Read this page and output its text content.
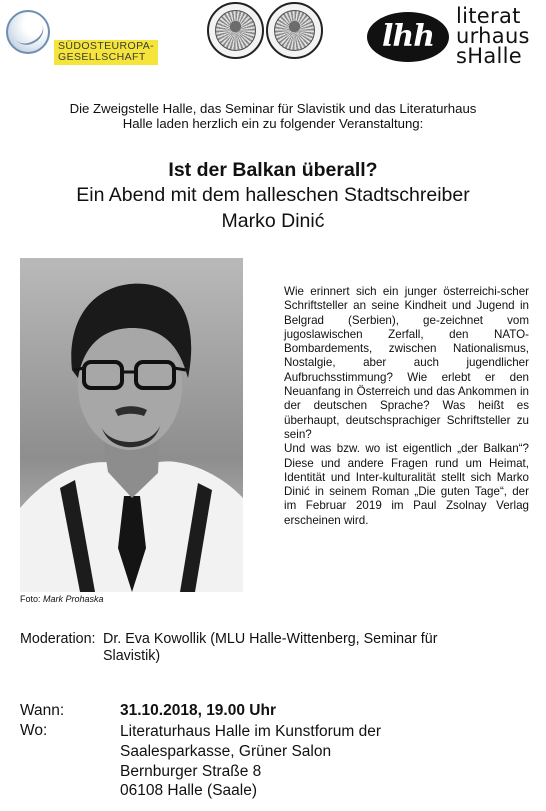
SÜDOSTEUROPA-
GESELLSCHAFT
lhh
literat
urhaus
sHalle
Die Zweigstelle Halle, das Seminar für Slavistik und das Literaturhaus
Halle laden herzlich ein zu folgender Veranstaltung:
Ist der Balkan überall?
Ein Abend mit dem halleschen Stadtschreiber
Marko Dinić
Foto: Mark Prohaska

Wie erinnert sich ein junger österreichi-scher Schriftsteller an seine Kindheit und Jugend in Belgrad (Serbien), ge-zeichnet vom jugoslawischen Zerfall, den NATO-Bombardements, zwischen Nationalismus, Nostalgie, aber auch jugendlicher Aufbruchsstimmung? Wie erlebt er den Neuanfang in Österreich und das Ankommen in der deutschen Sprache? Was heißt es überhaupt, deutschsprachiger Schriftsteller zu sein?

Und was bzw. wo ist eigentlich „der Balkan“? Diese und andere Fragen rund um Heimat, Identität und Inter-kulturalität stellt sich Marko Dinić in seinem Roman „Die guten Tage“, der im Februar 2019 im Paul Zsolnay Verlag erscheinen wird.

Moderation: Dr. Eva Kowollik (MLU Halle-Wittenberg, Seminar für
Slavistik)
Wann:	31.10.2018, 19.00 Uhr
Wo:	Literaturhaus Halle im Kunstforum der
Saalesparkasse, Grüner Salon
Bernburger Straße 8
06108 Halle (Saale)
